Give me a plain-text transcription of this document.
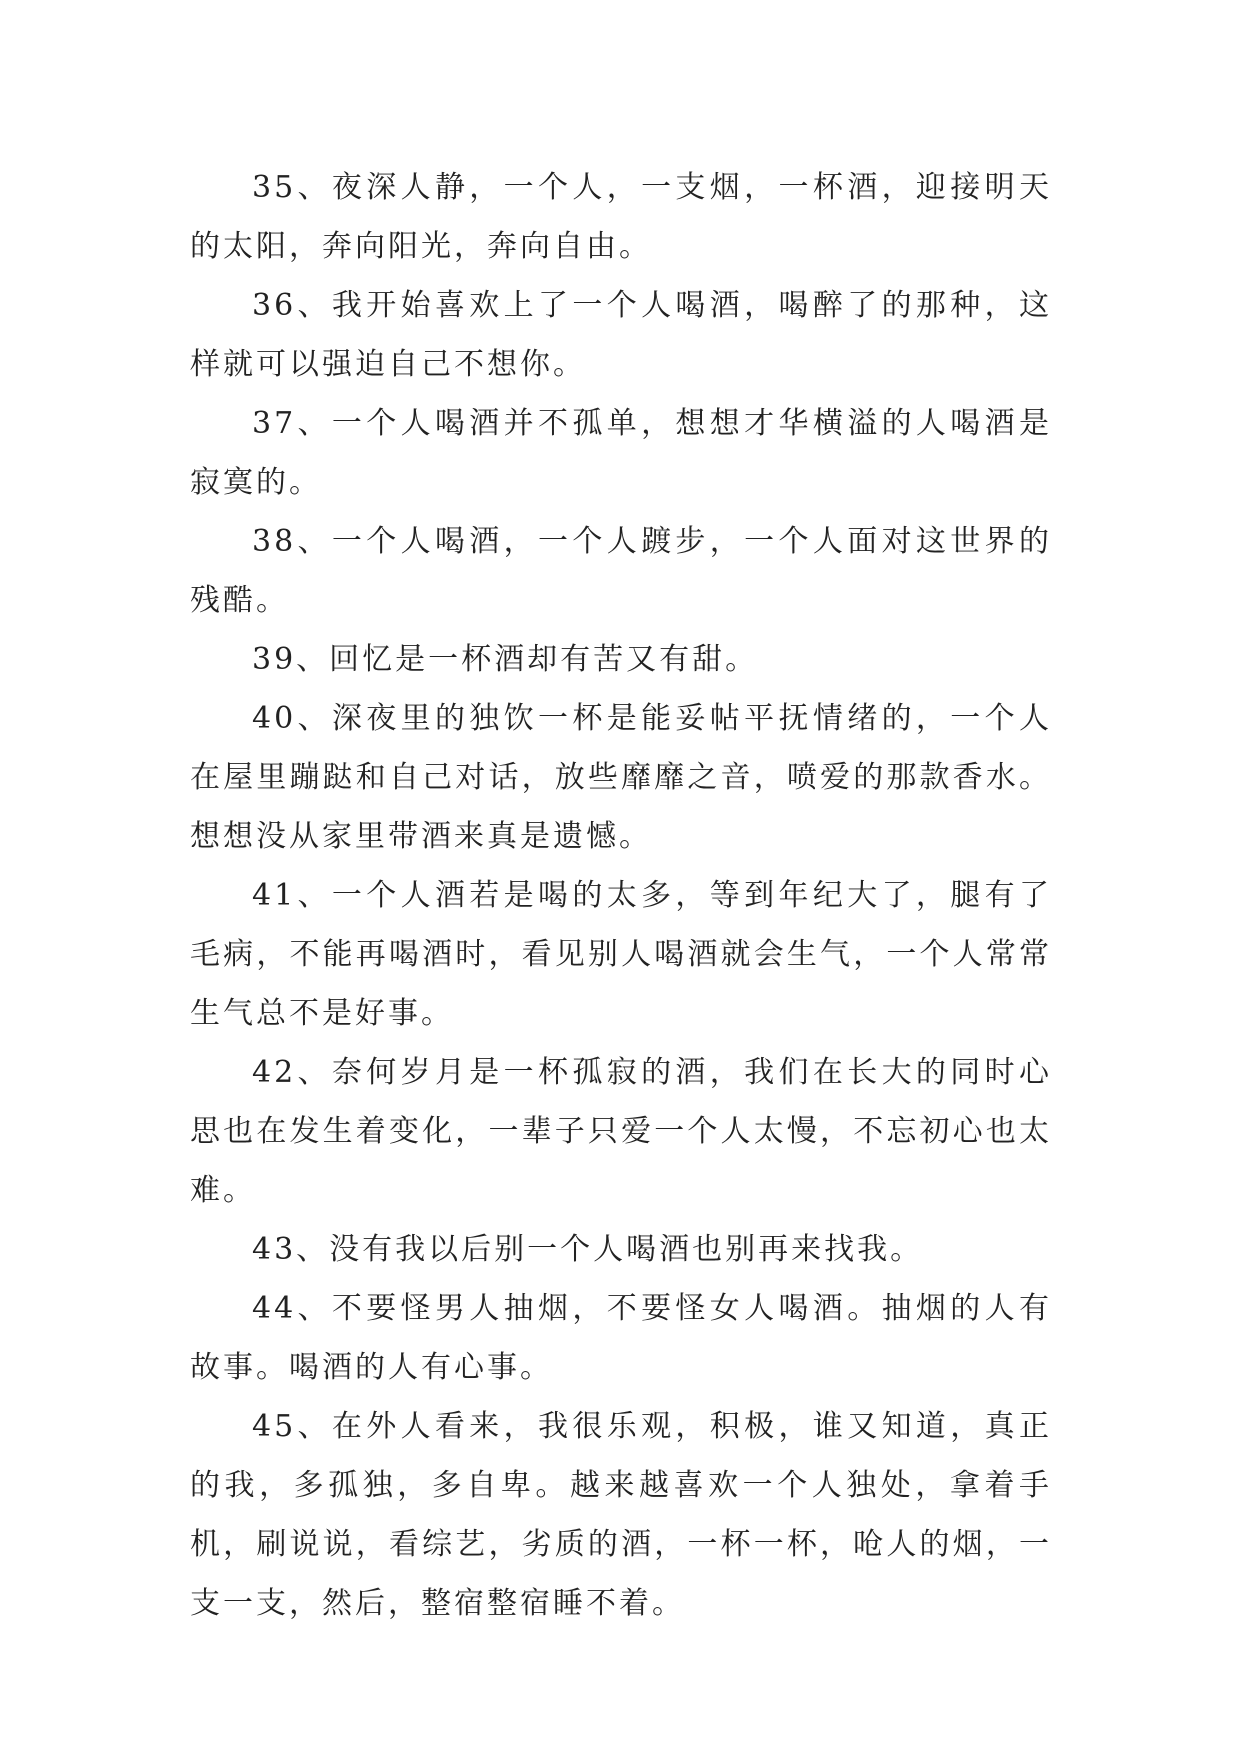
35、夜深人静，一个人，一支烟，一杯酒，迎接明天的太阳，奔向阳光，奔向自由。

36、我开始喜欢上了一个人喝酒，喝醉了的那种，这样就可以强迫自己不想你。

37、一个人喝酒并不孤单，想想才华横溢的人喝酒是寂寞的。

38、一个人喝酒，一个人踱步，一个人面对这世界的残酷。

39、回忆是一杯酒却有苦又有甜。

40、深夜里的独饮一杯是能妥帖平抚情绪的，一个人在屋里蹦跶和自己对话，放些靡靡之音，喷爱的那款香水。想想没从家里带酒来真是遗憾。

41、一个人酒若是喝的太多，等到年纪大了，腿有了毛病，不能再喝酒时，看见别人喝酒就会生气，一个人常常生气总不是好事。

42、奈何岁月是一杯孤寂的酒，我们在长大的同时心思也在发生着变化，一辈子只爱一个人太慢，不忘初心也太难。

43、没有我以后别一个人喝酒也别再来找我。

44、不要怪男人抽烟，不要怪女人喝酒。抽烟的人有故事。喝酒的人有心事。

45、在外人看来，我很乐观，积极，谁又知道，真正的我，多孤独，多自卑。越来越喜欢一个人独处，拿着手机，刷说说，看综艺，劣质的酒，一杯一杯，呛人的烟，一支一支，然后，整宿整宿睡不着。
